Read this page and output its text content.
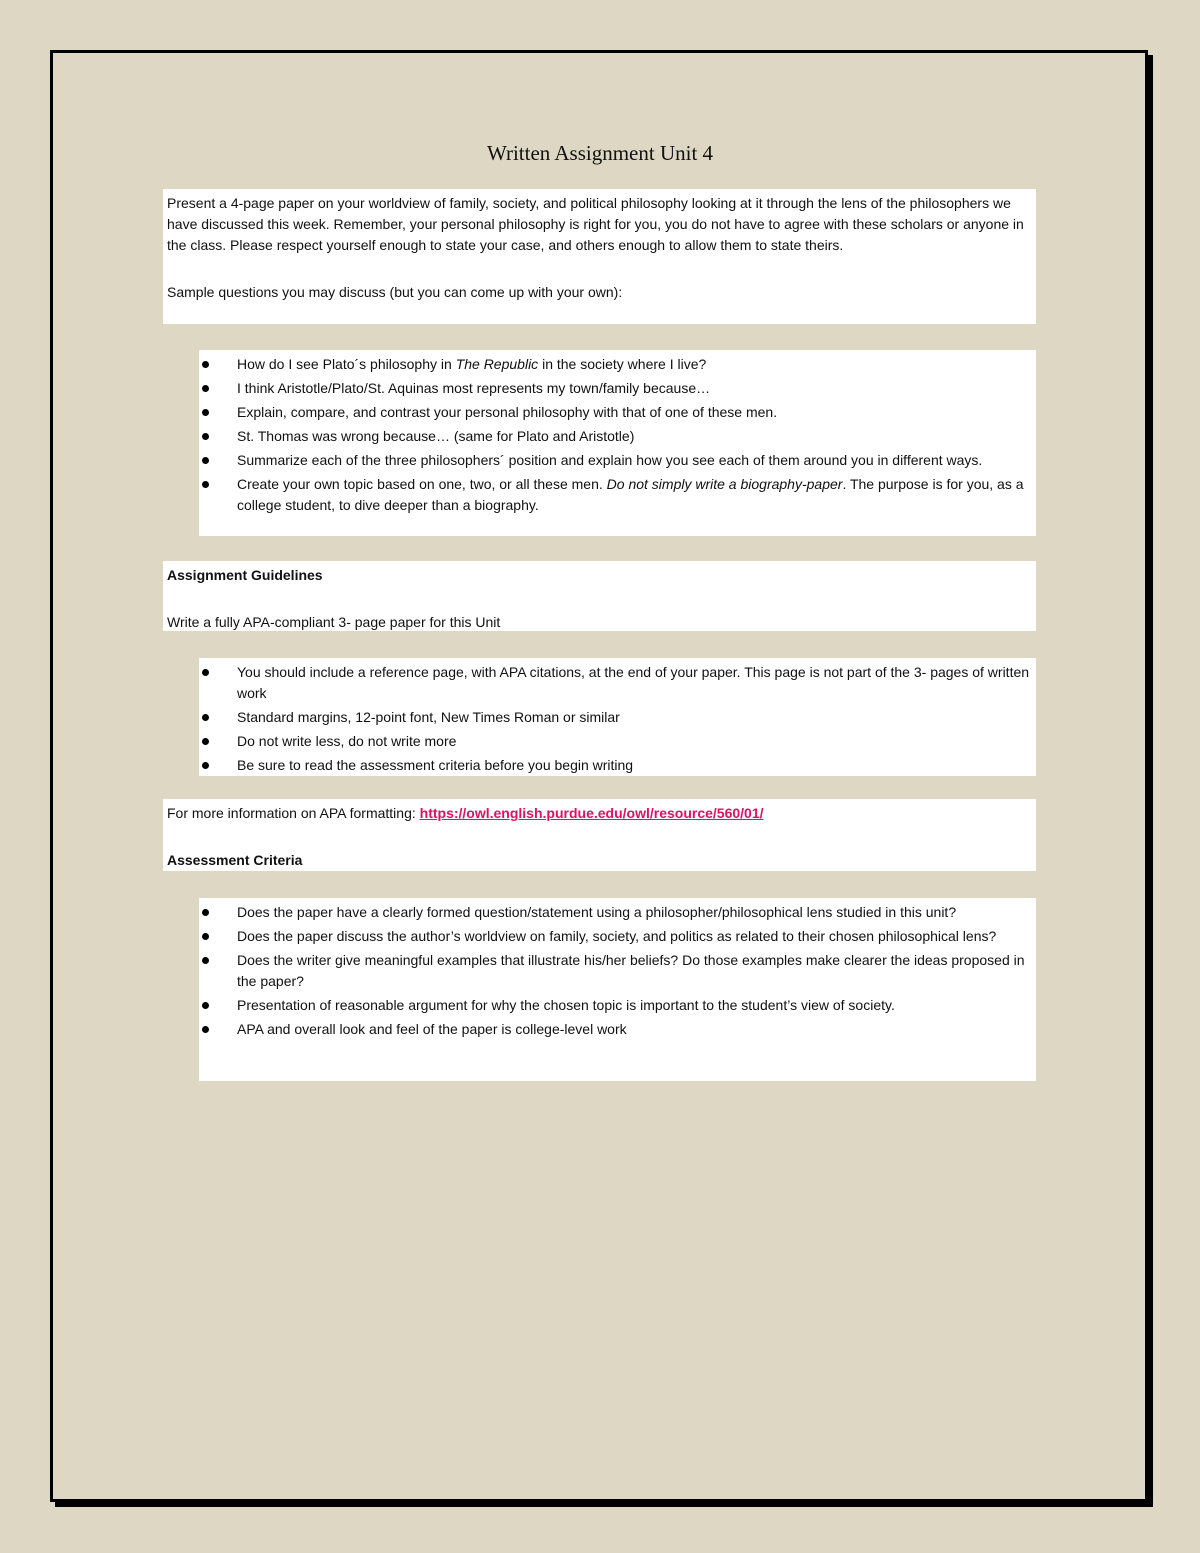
Written Assignment Unit 4

Present a 4-page paper on your worldview of family, society, and political philosophy looking at it through the lens of the philosophers we have discussed this week. Remember, your personal philosophy is right for you, you do not have to agree with these scholars or anyone in the class. Please respect yourself enough to state your case, and others enough to allow them to state theirs.

Sample questions you may discuss (but you can come up with your own):

How do I see Plato´s philosophy in The Republic in the society where I live?
I think Aristotle/Plato/St. Aquinas most represents my town/family because…
Explain, compare, and contrast your personal philosophy with that of one of these men.
St. Thomas was wrong because… (same for Plato and Aristotle)
Summarize each of the three philosophers´ position and explain how you see each of them around you in different ways.
Create your own topic based on one, two, or all these men. Do not simply write a biography-paper. The purpose is for you, as a college student, to dive deeper than a biography.

Assignment Guidelines

Write a fully APA-compliant 3- page paper for this Unit

You should include a reference page, with APA citations, at the end of your paper. This page is not part of the 3- pages of written work
Standard margins, 12-point font, New Times Roman or similar
Do not write less, do not write more
Be sure to read the assessment criteria before you begin writing

For more information on APA formatting: https://owl.english.purdue.edu/owl/resource/560/01/

Assessment Criteria

Does the paper have a clearly formed question/statement using a philosopher/philosophical lens studied in this unit?
Does the paper discuss the author’s worldview on family, society, and politics as related to their chosen philosophical lens?
Does the writer give meaningful examples that illustrate his/her beliefs? Do those examples make clearer the ideas proposed in the paper?
Presentation of reasonable argument for why the chosen topic is important to the student’s view of society.
APA and overall look and feel of the paper is college-level work
